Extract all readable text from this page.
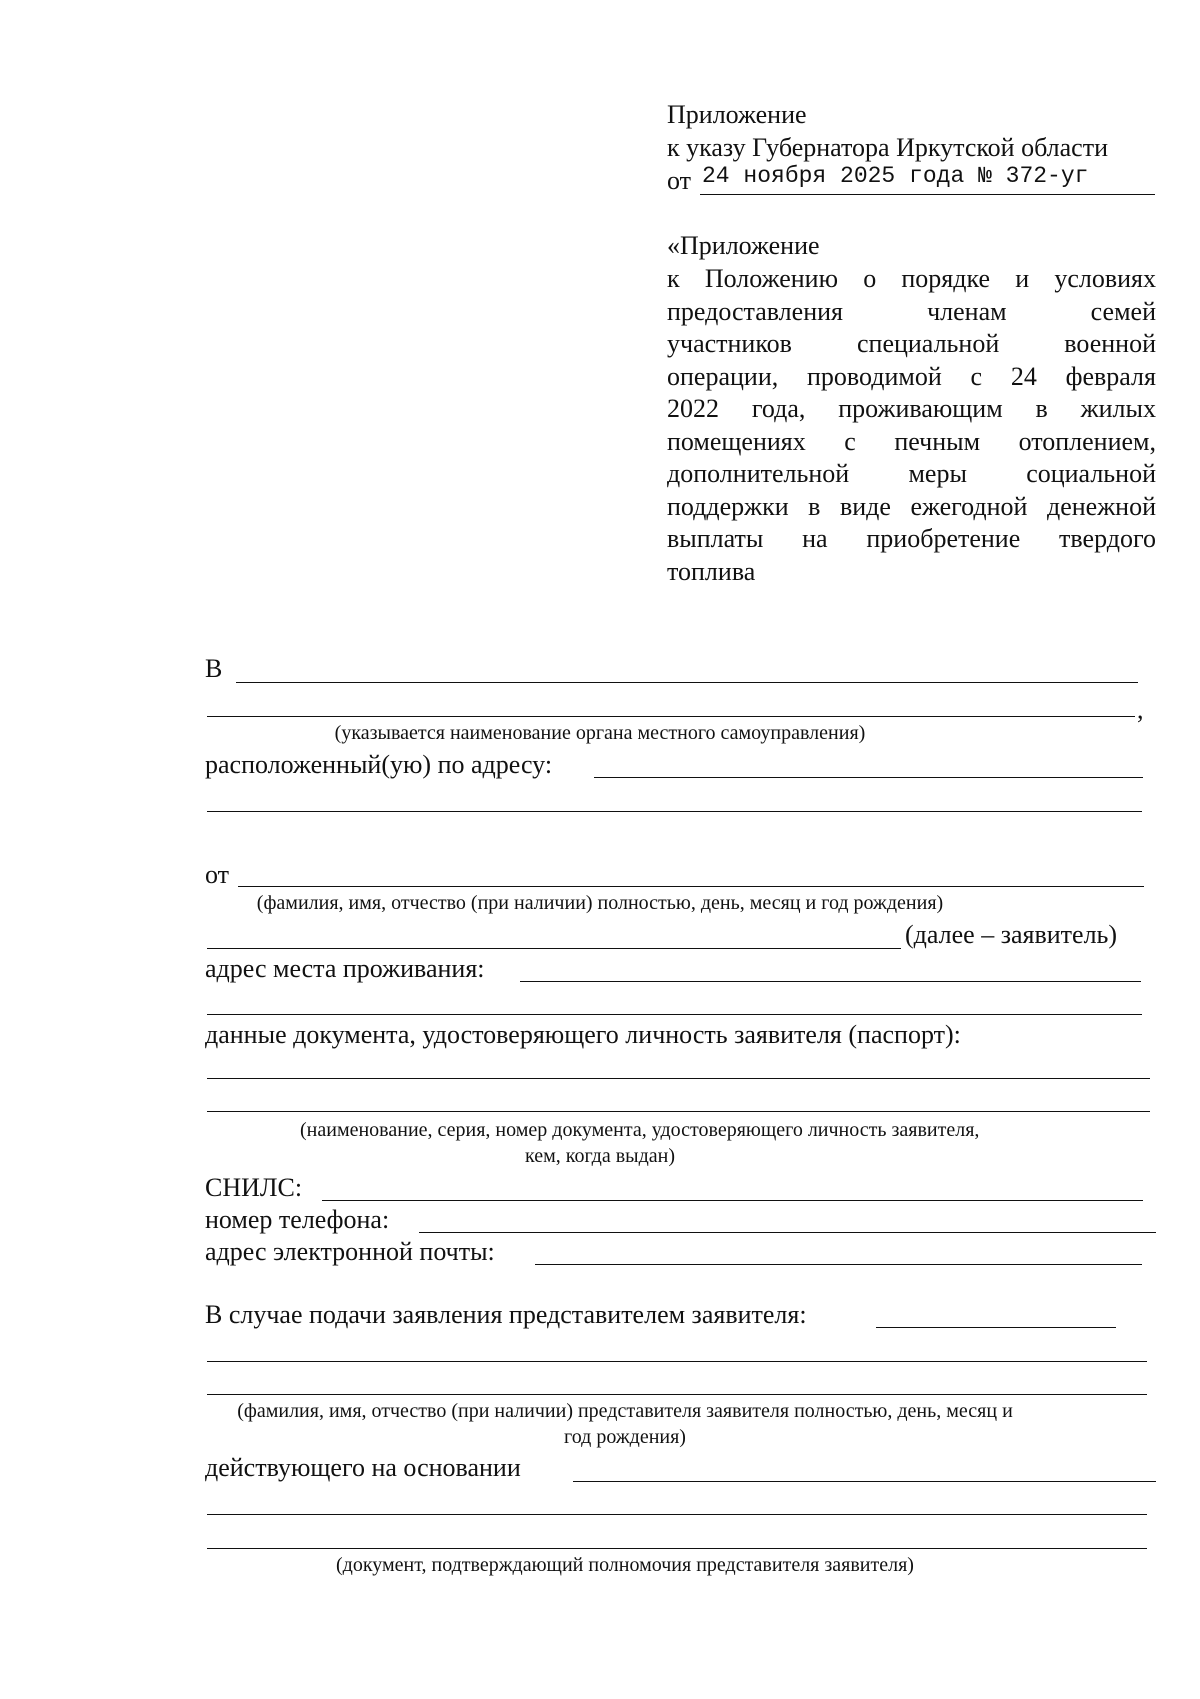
Приложение
к указу Губернатора Иркутской области
от 24 ноября 2025 года № 372-уг
«Приложение
к Положению о порядке и условиях
предоставления членам семей
участников специальной военной
операции, проводимой с 24 февраля
2022 года, проживающим в жилых
помещениях с печным отоплением,
дополнительной меры социальной
поддержки в виде ежегодной денежной
выплаты на приобретение твердого
топлива
В
,
(указывается наименование органа местного самоуправления)
расположенный(ую) по адресу:
от
(фамилия, имя, отчество (при наличии) полностью, день, месяц и год рождения)
(далее – заявитель)
адрес места проживания:
данные документа, удостоверяющего личность заявителя (паспорт):
(наименование, серия, номер документа, удостоверяющего личность заявителя,
кем, когда выдан)
СНИЛС:
номер телефона:
адрес электронной почты:
В случае подачи заявления представителем заявителя:
(фамилия, имя, отчество (при наличии) представителя заявителя полностью, день, месяц и
год рождения)
действующего на основании
(документ, подтверждающий полномочия представителя заявителя)
